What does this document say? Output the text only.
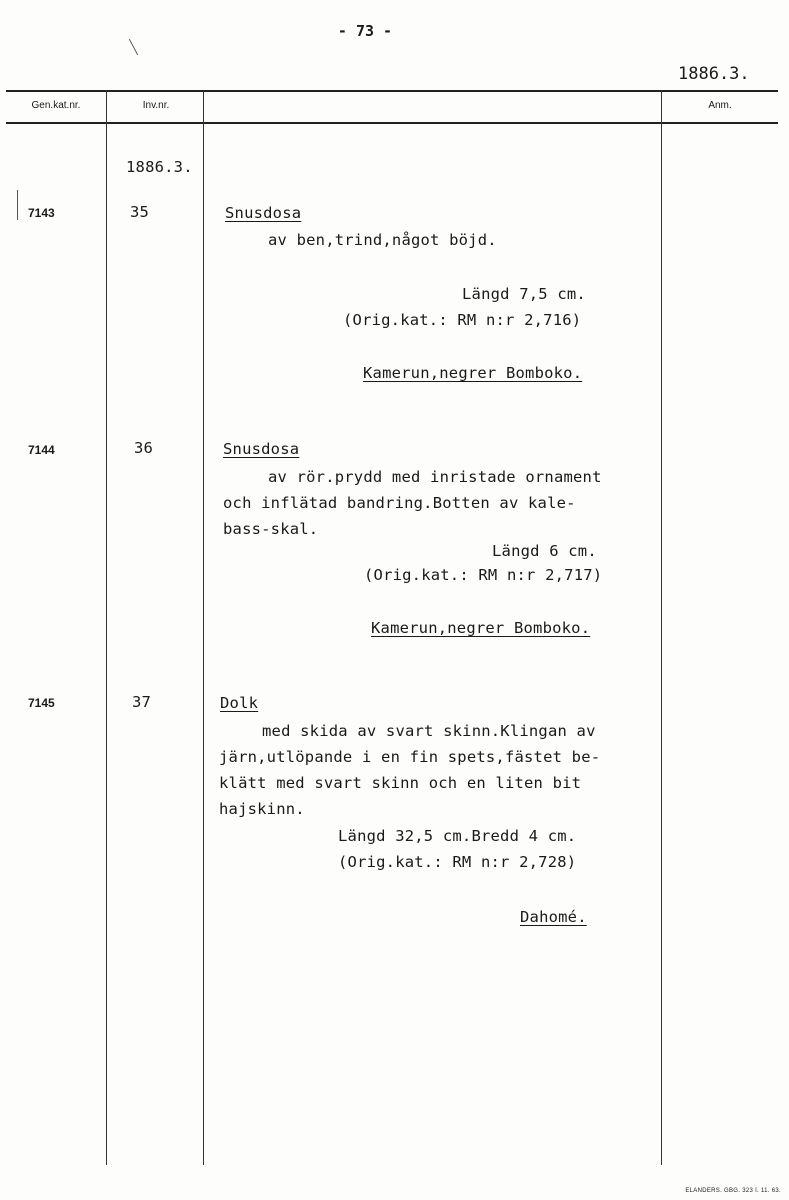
- 73 -
1886.3.
Gen.kat.nr.	Inv.nr.	Anm.
1886.3.
7143	35	Snusdosa
av ben,trind,något böjd.
Längd 7,5 cm.
(Orig.kat.: RM n:r 2,716)
Kamerun,negrer Bomboko.
7144	36	Snusdosa
av rör.prydd med inristade ornament
och inflätad bandring.Botten av kale-
bass-skal.
Längd 6 cm.
(Orig.kat.: RM n:r 2,717)
Kamerun,negrer Bomboko.
7145	37	Dolk
med skida av svart skinn.Klingan av
järn,utlöpande i en fin spets,fästet be-
klätt med svart skinn och en liten bit
hajskinn.
Längd 32,5 cm.Bredd 4 cm.
(Orig.kat.: RM n:r 2,728)
Dahomé.
ELANDERS. GBG. 323 I. 11. 63.
